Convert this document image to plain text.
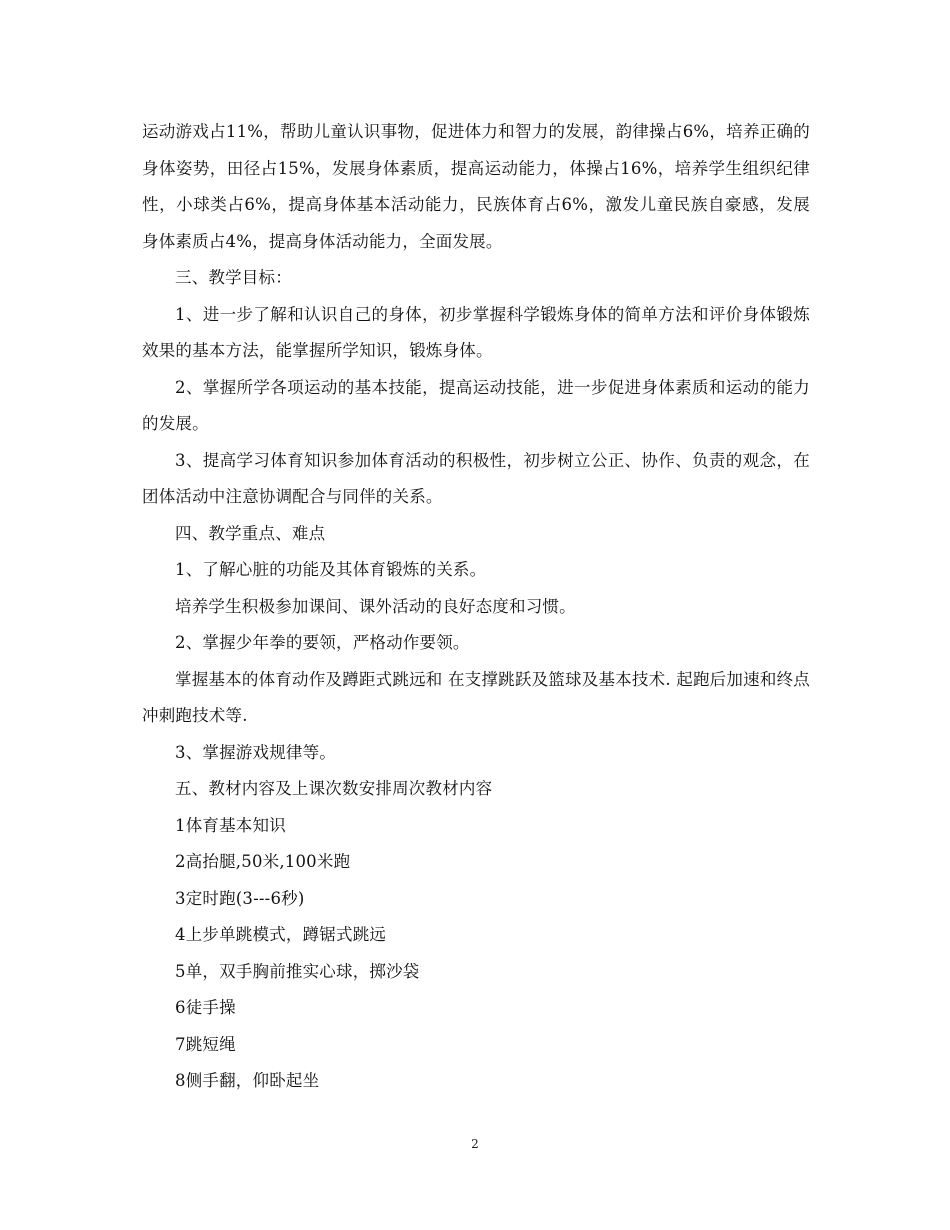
运动游戏占11%，帮助儿童认识事物，促进体力和智力的发展，韵律操占6%，培养正确的身体姿势，田径占15%，发展身体素质，提高运动能力，体操占16%，培养学生组织纪律性，小球类占6%，提高身体基本活动能力，民族体育占6%，激发儿童民族自豪感，发展身体素质占4%，提高身体活动能力，全面发展。

三、教学目标：

1、进一步了解和认识自己的身体，初步掌握科学锻炼身体的简单方法和评价身体锻炼效果的基本方法，能掌握所学知识，锻炼身体。

2、掌握所学各项运动的基本技能，提高运动技能，进一步促进身体素质和运动的能力的发展。

3、提高学习体育知识参加体育活动的积极性，初步树立公正、协作、负责的观念，在团体活动中注意协调配合与同伴的关系。

四、教学重点、难点

1、了解心脏的功能及其体育锻炼的关系。

培养学生积极参加课间、课外活动的良好态度和习惯。

2、掌握少年拳的要领，严格动作要领。

掌握基本的体育动作及蹲距式跳远和 在支撑跳跃及篮球及基本技术. 起跑后加速和终点冲刺跑技术等.

3、掌握游戏规律等。

五、教材内容及上课次数安排周次教材内容

1体育基本知识

2高抬腿,50米,100米跑

3定时跑(3---6秒)

4上步单跳模式，蹲锯式跳远

5单，双手胸前推实心球，掷沙袋

6徒手操

7跳短绳

8侧手翻，仰卧起坐

2
